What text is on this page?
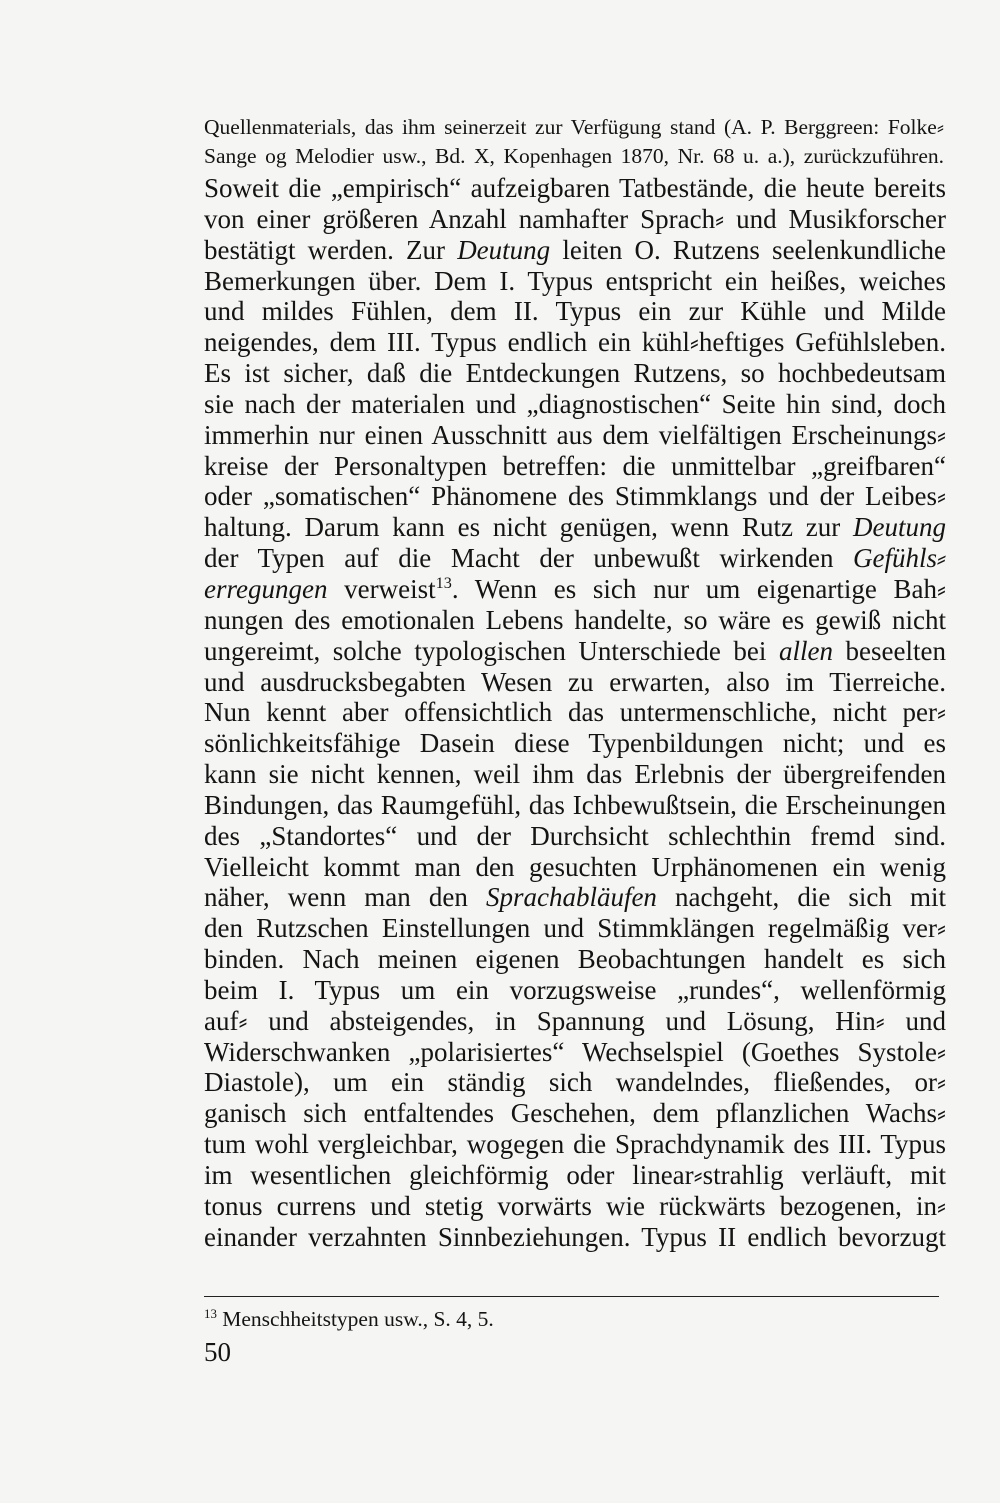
Quellenmaterials, das ihm seinerzeit zur Verfügung stand (A. P. Berggreen: Folke⸗
Sange og Melodier usw., Bd. X, Kopenhagen 1870, Nr. 68 u. a.), zurückzuführen.
Soweit die „empirisch“ aufzeigbaren Tatbestände, die heute bereits
von einer größeren Anzahl namhafter Sprach⸗ und Musikforscher
bestätigt werden. Zur Deutung leiten O. Rutzens seelenkundliche
Bemerkungen über. Dem I. Typus entspricht ein heißes, weiches
und mildes Fühlen, dem II. Typus ein zur Kühle und Milde
neigendes, dem III. Typus endlich ein kühl⸗heftiges Gefühlsleben.
Es ist sicher, daß die Entdeckungen Rutzens, so hochbedeutsam
sie nach der materialen und „diagnostischen“ Seite hin sind, doch
immerhin nur einen Ausschnitt aus dem vielfältigen Erscheinungs⸗
kreise der Personaltypen betreffen: die unmittelbar „greifbaren“
oder „somatischen“ Phänomene des Stimmklangs und der Leibes⸗
haltung. Darum kann es nicht genügen, wenn Rutz zur Deutung
der Typen auf die Macht der unbewußt wirkenden Gefühls⸗
erregungen verweist$^{13}$. Wenn es sich nur um eigenartige Bah⸗
nungen des emotionalen Lebens handelte, so wäre es gewiß nicht
ungereimt, solche typologischen Unterschiede bei allen beseelten
und ausdrucksbegabten Wesen zu erwarten, also im Tierreiche.
Nun kennt aber offensichtlich das untermenschliche, nicht per⸗
sönlichkeitsfähige Dasein diese Typenbildungen nicht; und es
kann sie nicht kennen, weil ihm das Erlebnis der übergreifenden
Bindungen, das Raumgefühl, das Ichbewußtsein, die Erscheinungen
des „Standortes“ und der Durchsicht schlechthin fremd sind.
Vielleicht kommt man den gesuchten Urphänomenen ein wenig
näher, wenn man den Sprachabläufen nachgeht, die sich mit
den Rutzschen Einstellungen und Stimmklängen regelmäßig ver⸗
binden. Nach meinen eigenen Beobachtungen handelt es sich
beim I. Typus um ein vorzugsweise „rundes“, wellenförmig
auf⸗ und absteigendes, in Spannung und Lösung, Hin⸗ und
Widerschwanken „polarisiertes“ Wechselspiel (Goethes Systole⸗
Diastole), um ein ständig sich wandelndes, fließendes, or⸗
ganisch sich entfaltendes Geschehen, dem pflanzlichen Wachs⸗
tum wohl vergleichbar, wogegen die Sprachdynamik des III. Typus
im wesentlichen gleichförmig oder linear⸗strahlig verläuft, mit
tonus currens und stetig vorwärts wie rückwärts bezogenen, in⸗
einander verzahnten Sinnbeziehungen. Typus II endlich bevorzugt
$^{13}$ Menschheitstypen usw., S. 4, 5.
50
